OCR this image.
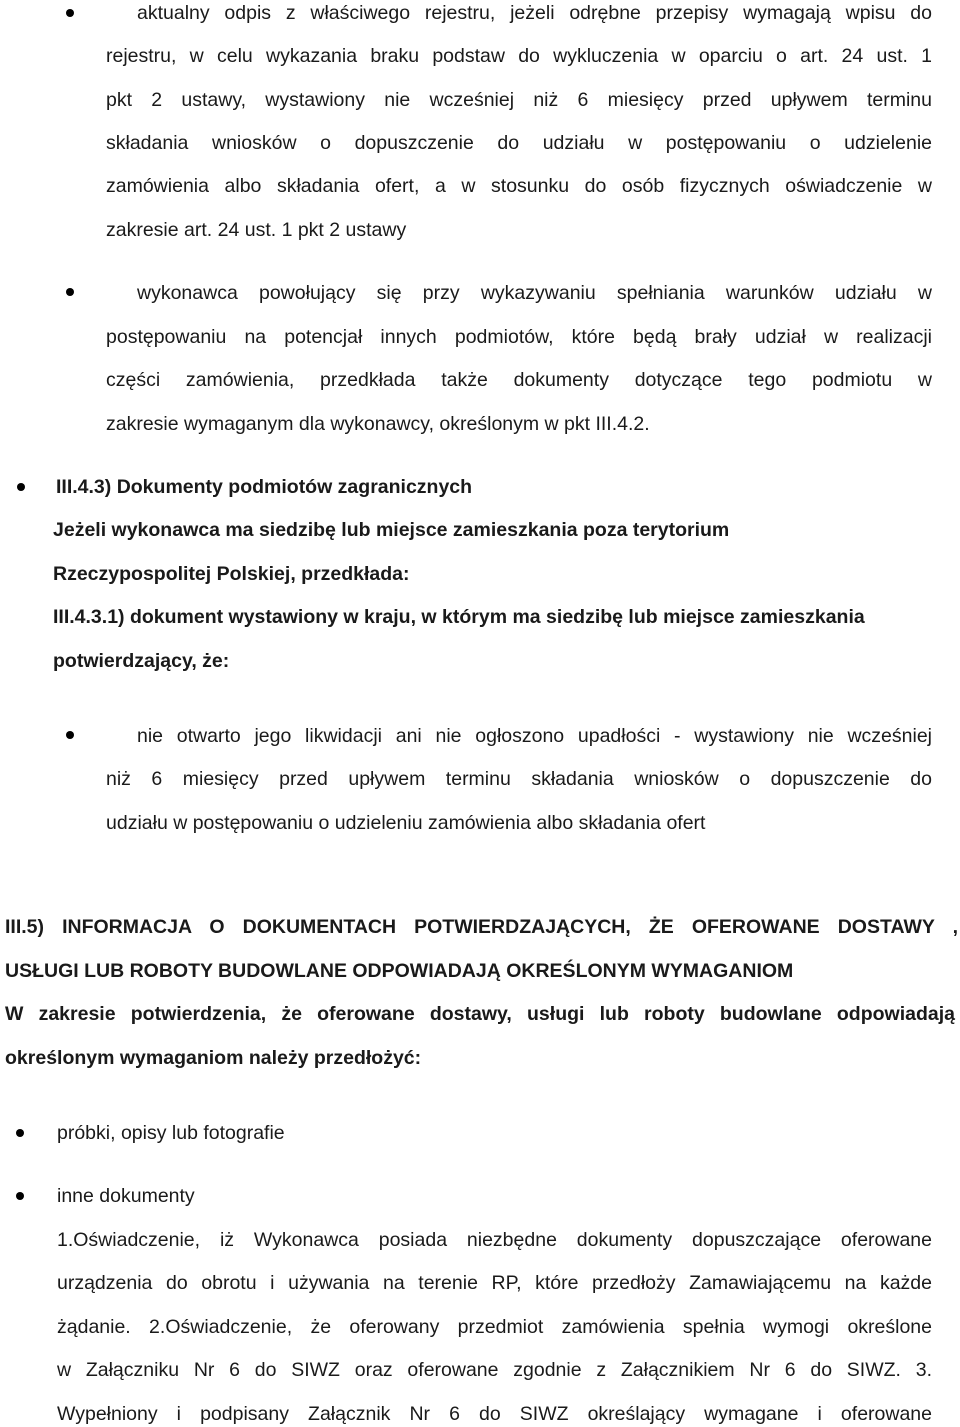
aktualny odpis z właściwego rejestru, jeżeli odrębne przepisy wymagają wpisu do
rejestru, w celu wykazania braku podstaw do wykluczenia w oparciu o art. 24 ust. 1
pkt 2 ustawy, wystawiony nie wcześniej niż 6 miesięcy przed upływem terminu
składania wniosków o dopuszczenie do udziału w postępowaniu o udzielenie
zamówienia albo składania ofert, a w stosunku do osób fizycznych oświadczenie w
zakresie art. 24 ust. 1 pkt 2 ustawy
wykonawca powołujący się przy wykazywaniu spełniania warunków udziału w
postępowaniu na potencjał innych podmiotów, które będą brały udział w realizacji
części zamówienia, przedkłada także dokumenty dotyczące tego podmiotu w
zakresie wymaganym dla wykonawcy, określonym w pkt III.4.2.
III.4.3) Dokumenty podmiotów zagranicznych
Jeżeli wykonawca ma siedzibę lub miejsce zamieszkania poza terytorium
Rzeczypospolitej Polskiej, przedkłada:
III.4.3.1) dokument wystawiony w kraju, w którym ma siedzibę lub miejsce zamieszkania
potwierdzający, że:
nie otwarto jego likwidacji ani nie ogłoszono upadłości - wystawiony nie wcześniej
niż 6 miesięcy przed upływem terminu składania wniosków o dopuszczenie do
udziału w postępowaniu o udzieleniu zamówienia albo składania ofert
III.5) INFORMACJA O DOKUMENTACH POTWIERDZAJĄCYCH, ŻE OFEROWANE DOSTAWY ,
USŁUGI LUB ROBOTY BUDOWLANE ODPOWIADAJĄ OKREŚLONYM WYMAGANIOM
W zakresie potwierdzenia, że oferowane dostawy, usługi lub roboty budowlane odpowiadają
określonym wymaganiom należy przedłożyć:
próbki, opisy lub fotografie
inne dokumenty
1.Oświadczenie, iż Wykonawca posiada niezbędne dokumenty dopuszczające oferowane
urządzenia do obrotu i używania na terenie RP, które przedłoży Zamawiającemu na każde
żądanie. 2.Oświadczenie, że oferowany przedmiot zamówienia spełnia wymogi określone
w Załączniku Nr 6 do SIWZ oraz oferowane zgodnie z Załącznikiem Nr 6 do SIWZ. 3.
Wypełniony i podpisany Załącznik Nr 6 do SIWZ określający wymagane i oferowane
